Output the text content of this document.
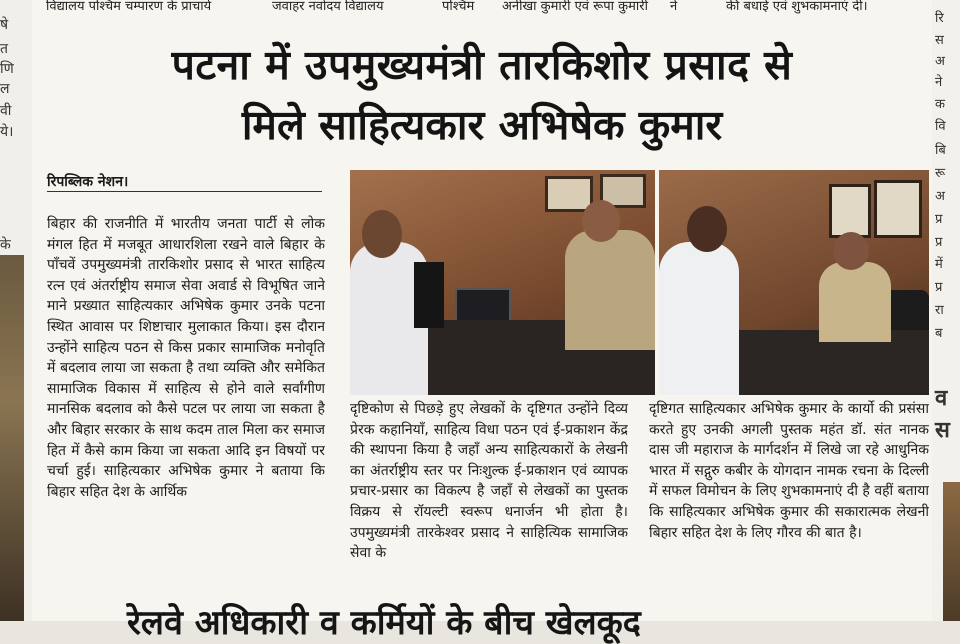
षे
त
णि
ल
वी
ये।
के
विद्यालय पश्चिम चम्पारण के प्राचार्य	जवाहर नवोदय विद्यालय	पश्चिम अनीखा कुमारी एवं रूपा कुमारी ने	की बधाई एवं शुभकामनाएं दी।
पटना में उपमुख्यमंत्री तारकिशोर प्रसाद से
मिले साहित्यकार अभिषेक कुमार
रिपब्लिक नेशन।
बिहार की राजनीति में भारतीय जनता पार्टी से लोक मंगल हित में मजबूत आधारशिला रखने वाले बिहार के पाँचवें उपमुख्यमंत्री तारकिशोर प्रसाद से भारत साहित्य रत्न एवं अंतर्राष्ट्रीय समाज सेवा अवार्ड से विभूषित जाने माने प्रख्यात साहित्यकार अभिषेक कुमार उनके पटना स्थित आवास पर शिष्टाचार मुलाकात किया। इस दौरान उन्होंने साहित्य पठन से किस प्रकार सामाजिक मनोवृति में बदलाव लाया जा सकता है तथा व्यक्ति और समेकित सामाजिक विकास में साहित्य से होने वाले सर्वांगीण मानसिक बदलाव को कैसे पटल पर लाया जा सकता है और बिहार सरकार के साथ कदम ताल मिला कर समाज हित में कैसे काम किया जा सकता आदि इन विषयों पर चर्चा हुई। साहित्यकार अभिषेक कुमार ने बताया कि बिहार सहित देश के आर्थिक
दृष्टिकोण से पिछड़े हुए लेखकों के दृष्टिगत उन्होंने दिव्य प्रेरक कहानियाँ, साहित्य विधा पठन एवं ई-प्रकाशन केंद्र की स्थापना किया है जहाँ अन्य साहित्यकारों के लेखनी का अंतर्राष्ट्रीय स्तर पर निःशुल्क ई-प्रकाशन एवं व्यापक प्रचार-प्रसार का विकल्प है जहाँ से लेखकों का पुस्तक विक्रय से रॉयल्टी स्वरूप धनार्जन भी होता है। उपमुख्यमंत्री तारकेश्वर प्रसाद ने साहित्यिक सामाजिक सेवा के
दृष्टिगत साहित्यकार अभिषेक कुमार के कार्यो की प्रसंसा करते हुए उनकी अगली पुस्तक महंत डॉ. संत नानक दास जी महाराज के मार्गदर्शन में लिखे जा रहे आधुनिक भारत में सद्गुरु कबीर के योगदान नामक रचना के दिल्ली में सफल विमोचन के लिए शुभकामनाएं दी है वहीं बताया कि साहित्यकार अभिषेक कुमार की सकारात्मक लेखनी बिहार सहित देश के लिए गौरव की बात है।
रेलवे अधिकारी व कर्मियों के बीच खेलकूद
रि
स
अ
ने
क
वि
बि
रू
अ
प्र
प्र
में
प्र
रा
ब
व
स
